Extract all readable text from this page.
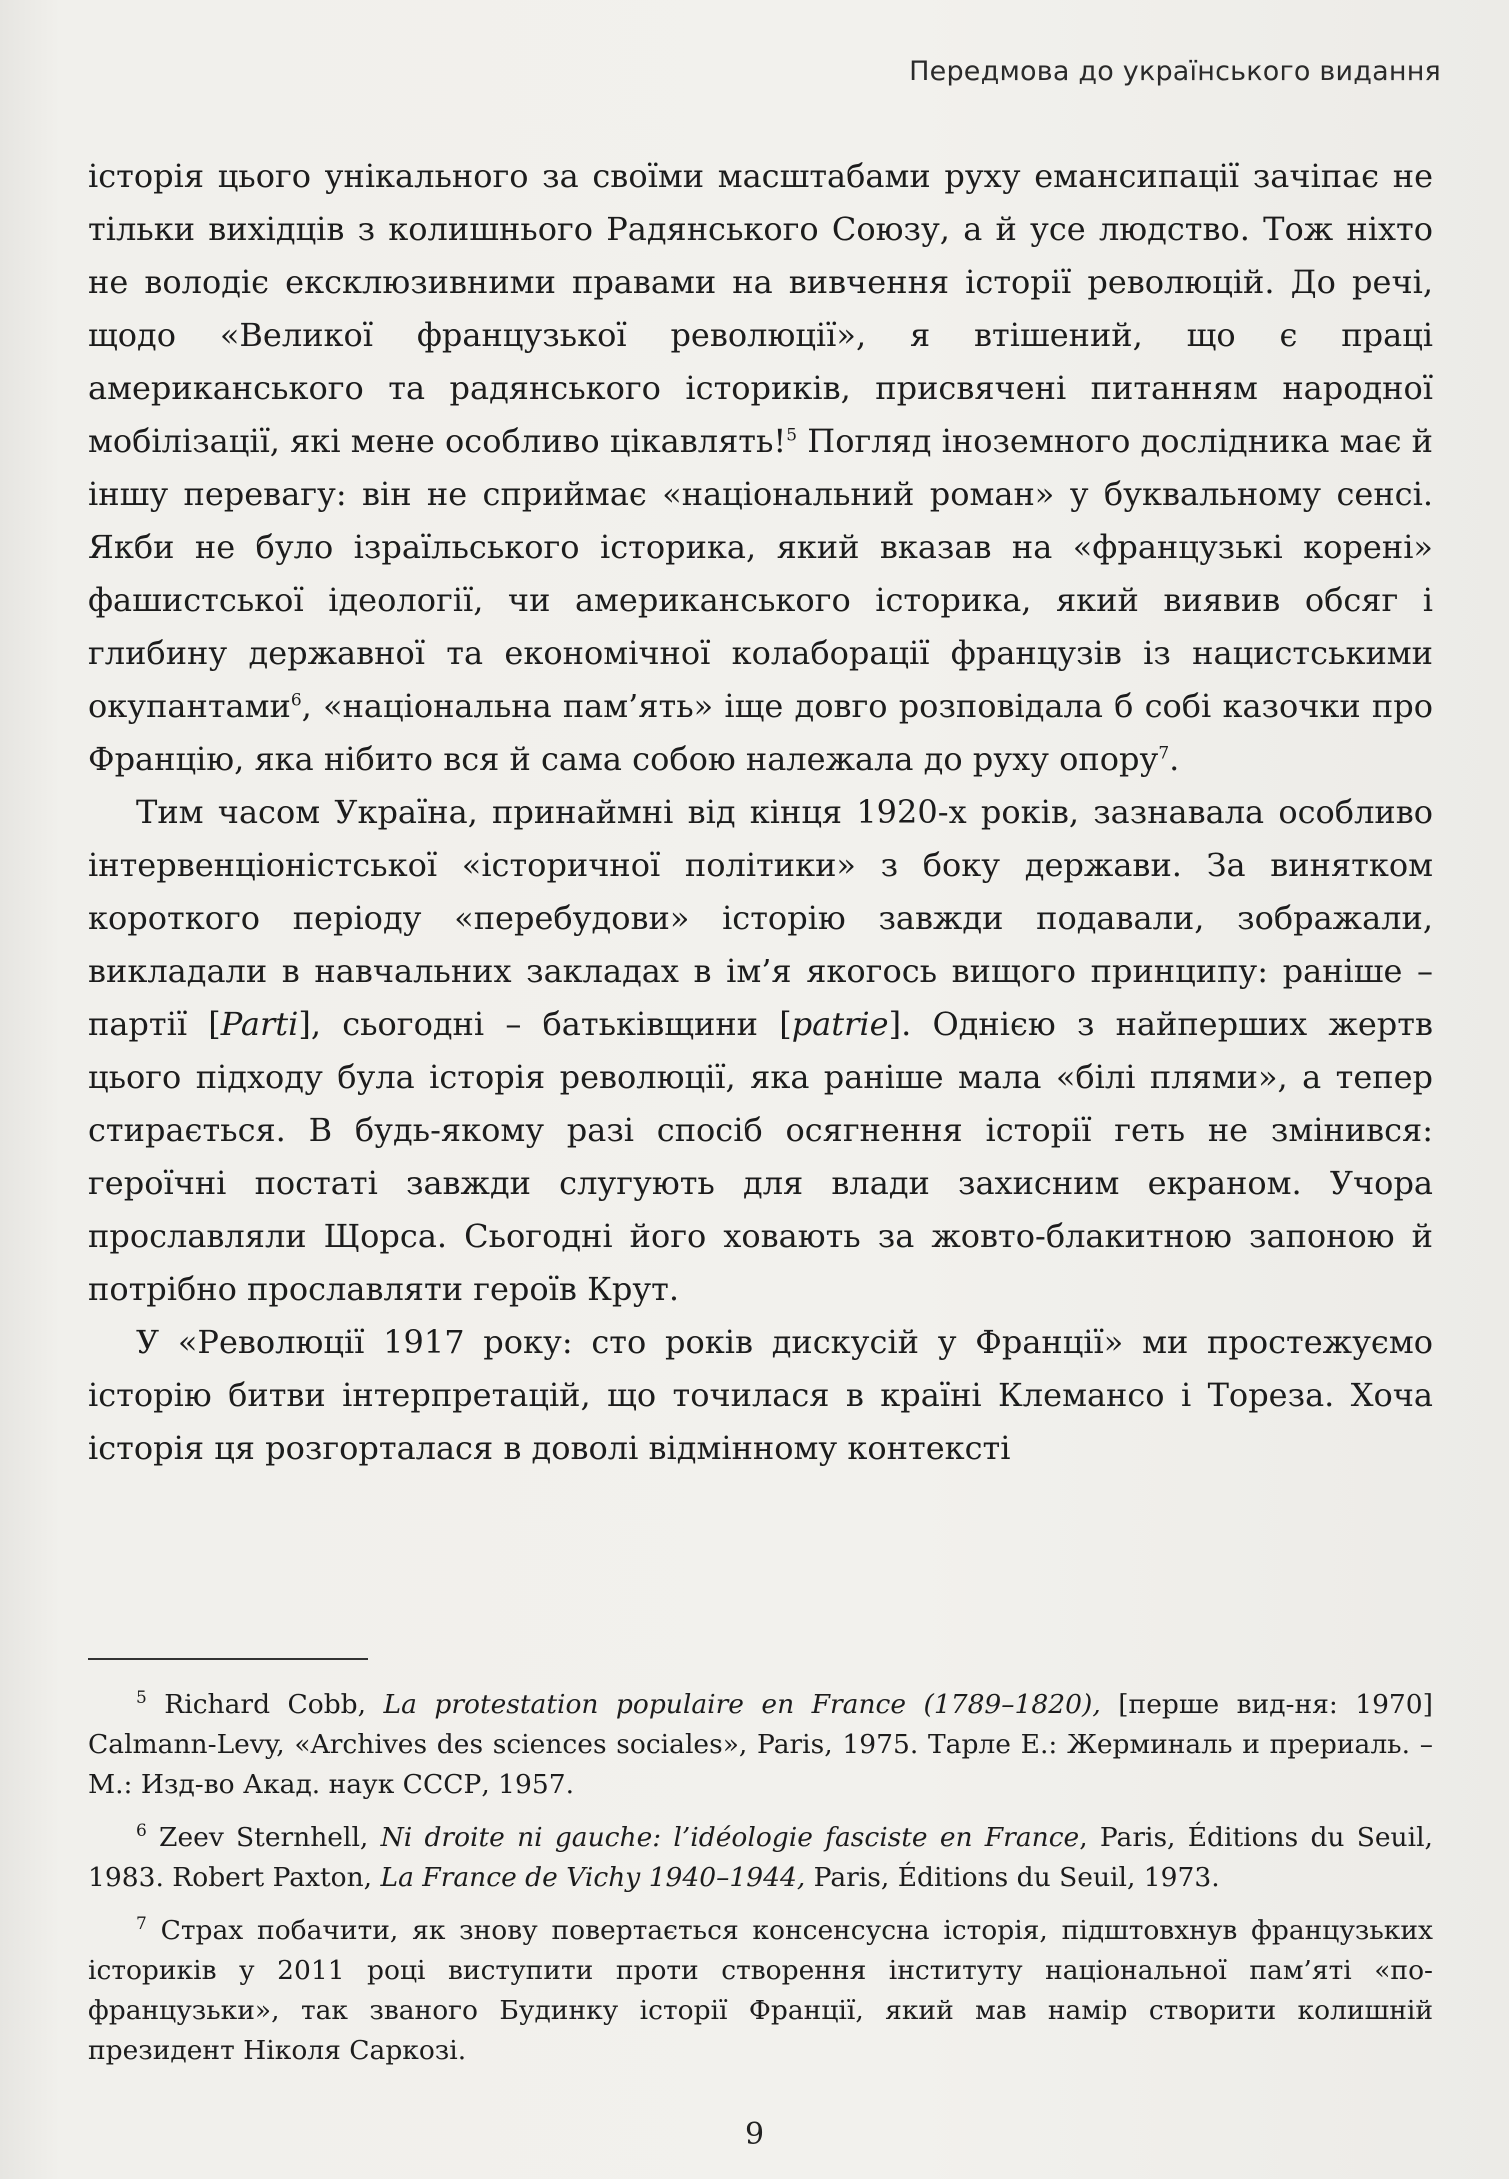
Передмова до українського видання

історія цього унікального за своїми масштабами руху емансипації зачіпає не тільки вихідців з колишнього Радянського Союзу, а й усе людство. Тож ніхто не володіє ексклюзивними правами на вивчення історії революцій. До речі, щодо «Великої французької революції», я втішений, що є праці американського та радянського істориків, присвячені питанням народної мобілізації, які мене особливо цікавлять!$^5$ Погляд іноземного дослідника має й іншу перевагу: він не сприймає «національний роман» у буквальному сенсі. Якби не було ізраїльського історика, який вказав на «французькі корені» фашистської ідеології, чи американського історика, який виявив обсяг і глибину державної та економічної колаборації французів із нацистськими окупантами$^6$, «національна пам’ять» іще довго розповідала б собі казочки про Францію, яка нібито вся й сама собою належала до руху опору$^7$.

Тим часом Україна, принаймні від кінця 1920-х років, зазнавала особливо інтервенціоністської «історичної політики» з боку держави. За винятком короткого періоду «перебудови» історію завжди подавали, зображали, викладали в навчальних закладах в ім’я якогось вищого принципу: раніше – партії [Parti], сьогодні – батьківщини [patrie]. Однією з найперших жертв цього підходу була історія революції, яка раніше мала «білі плями», а тепер стирається. В будь-якому разі спосіб осягнення історії геть не змінився: героїчні постаті завжди слугують для влади захисним екраном. Учора прославляли Щорса. Сьогодні його ховають за жовто-блакитною запоною й потрібно прославляти героїв Крут.

У «Революції 1917 року: сто років дискусій у Франції» ми простежуємо історію битви інтерпретацій, що точилася в країні Клемансо і Тореза. Хоча історія ця розгорталася в доволі відмінному контексті

$^5$ Richard Cobb, La protestation populaire en France (1789–1820), [перше вид-ня: 1970] Calmann-Levy, «Archives des sciences sociales», Paris, 1975. Тарле Е.: Жерминаль и прериаль. – М.: Изд-во Акад. наук СССР, 1957.

$^6$ Zeev Sternhell, Ni droite ni gauche: l’idéologie fasciste en France, Paris, Éditions du Seuil, 1983. Robert Paxton, La France de Vichy 1940–1944, Paris, Éditions du Seuil, 1973.

$^7$ Страх побачити, як знову повертається консенсусна історія, підштовхнув французьких істориків у 2011 році виступити проти створення інституту національної пам’яті «по-французьки», так званого Будинку історії Франції, який мав намір створити колишній президент Ніколя Саркозі.

9
